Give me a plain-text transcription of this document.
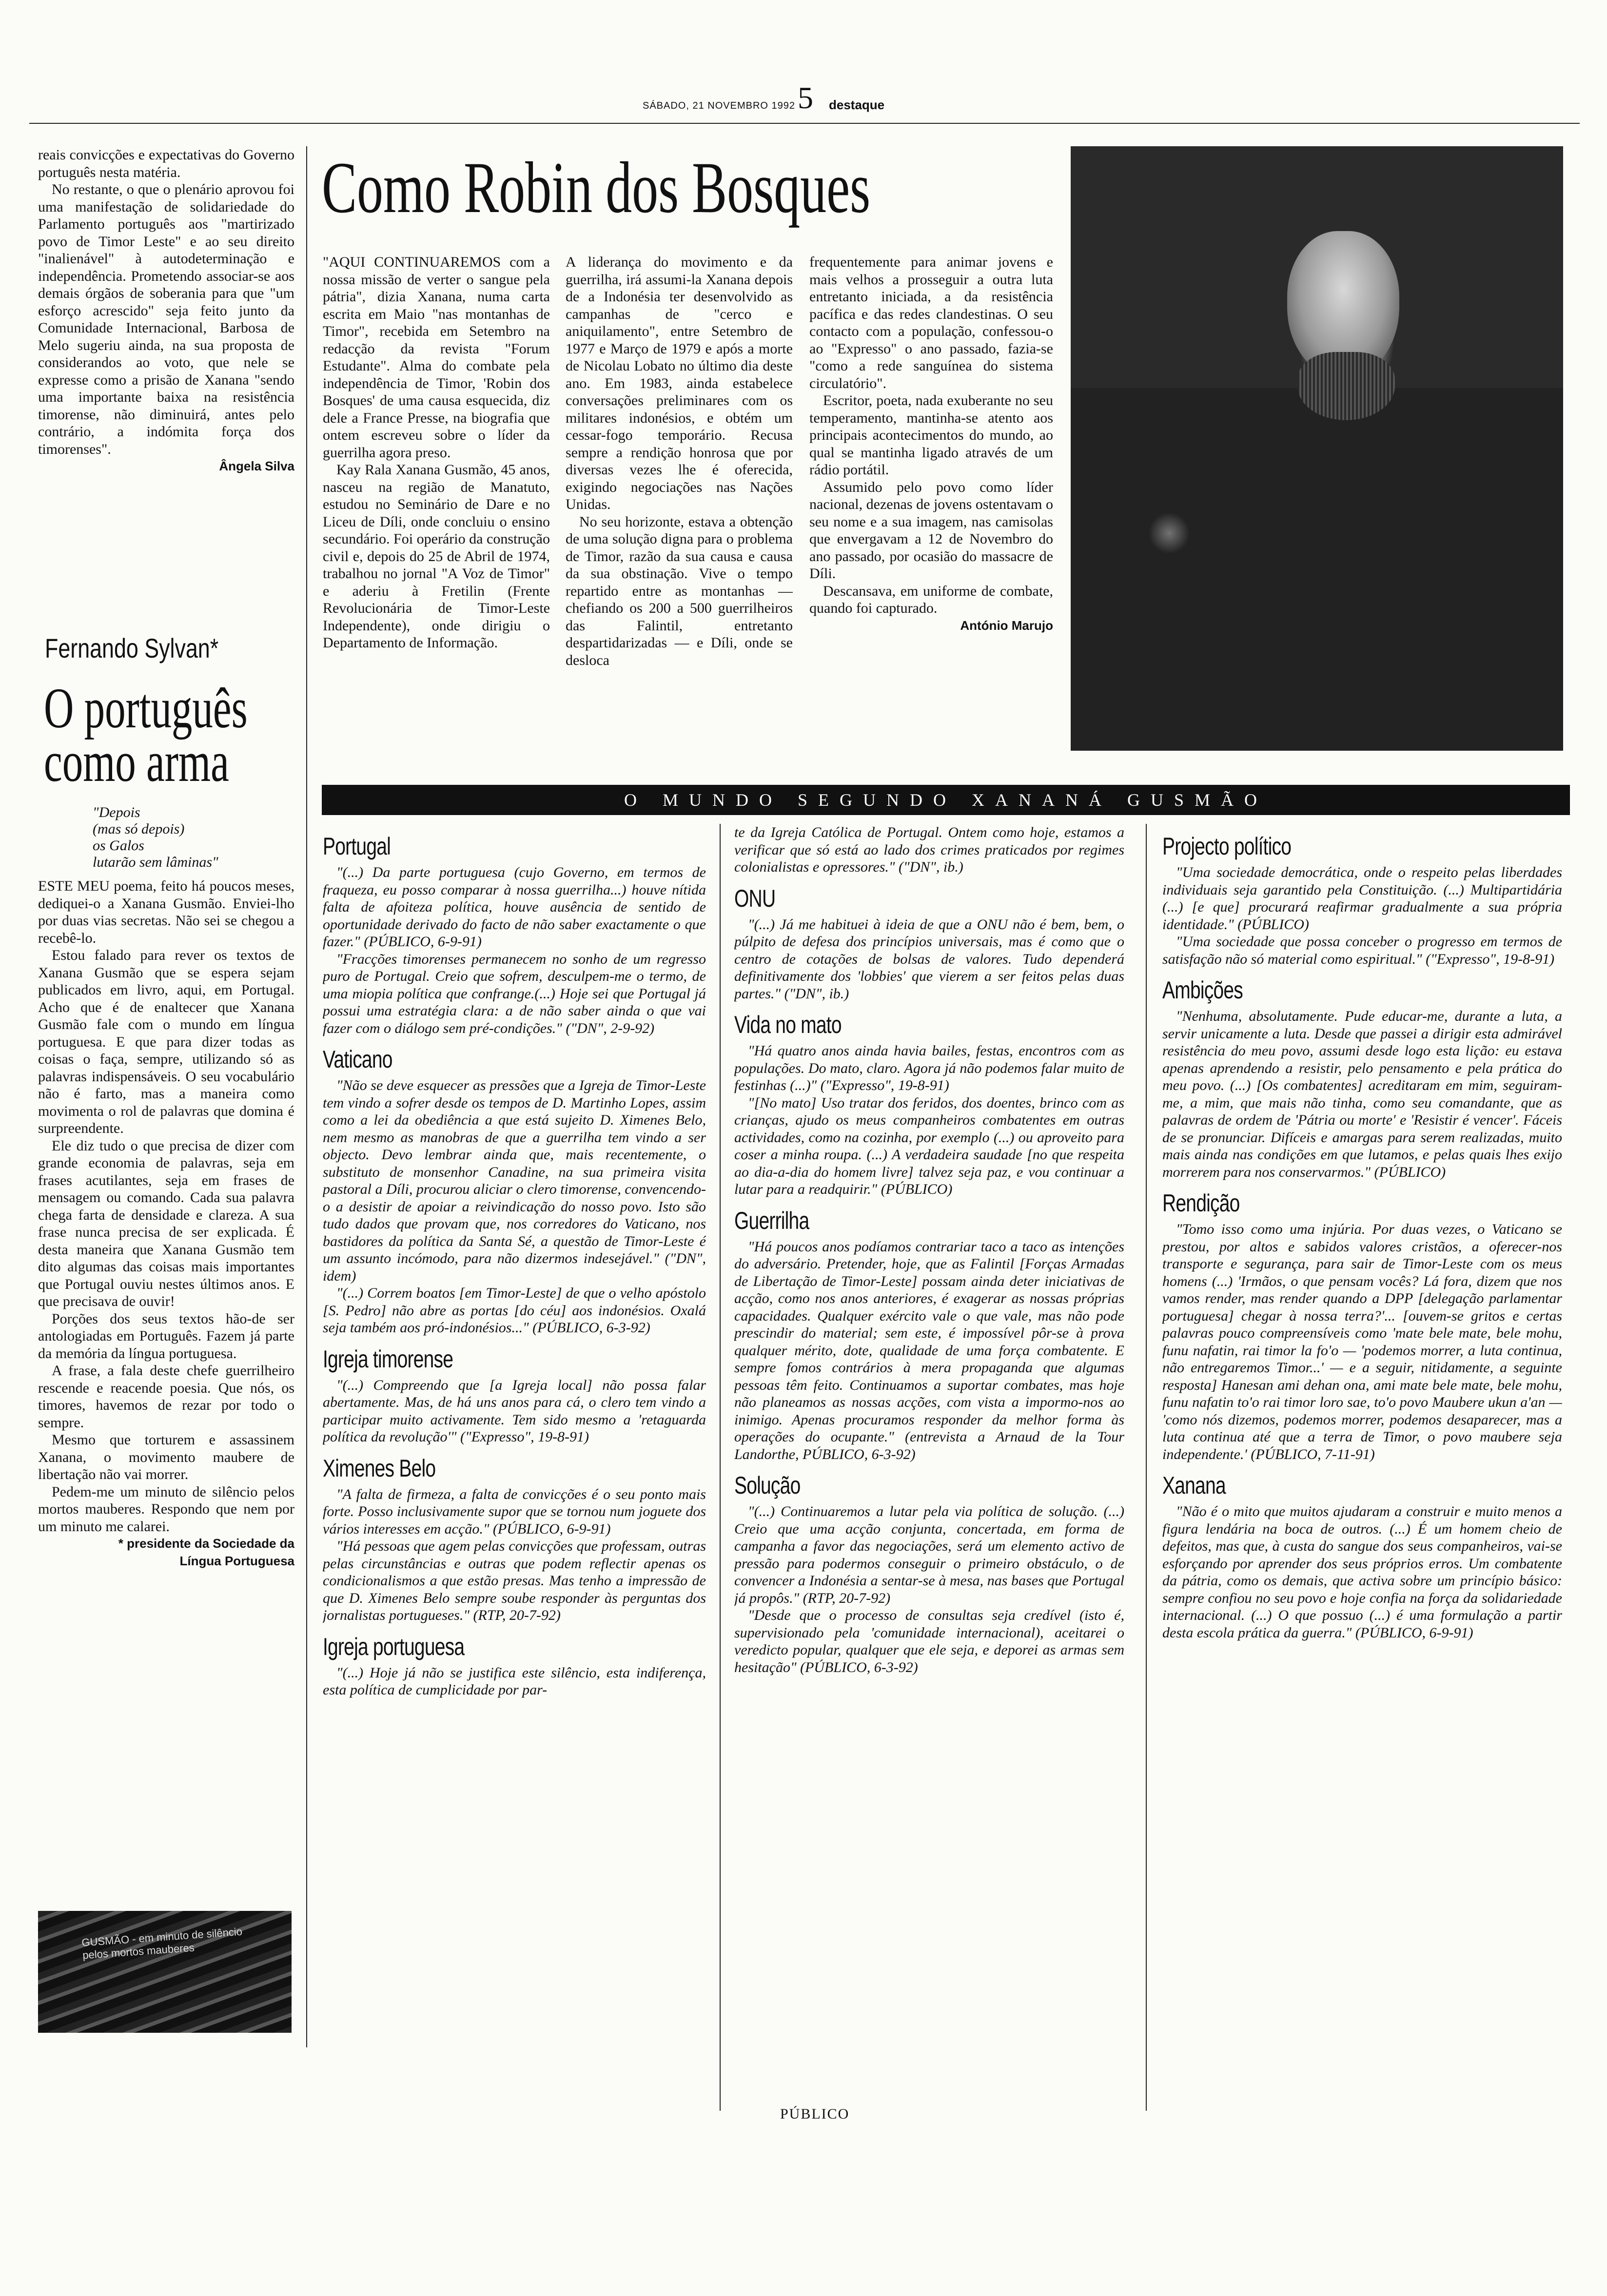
SÁBADO, 21 NOVEMBRO 1992 5 destaque

reais convicções e expectativas do Governo português nesta matéria.

No restante, o que o plenário aprovou foi uma manifestação de solidariedade do Parlamento português aos "martirizado povo de Timor Leste" e ao seu direito "inalienável" à autodeterminação e independência. Prometendo associar-se aos demais órgãos de soberania para que "um esforço acrescido" seja feito junto da Comunidade Internacional, Barbosa de Melo sugeriu ainda, na sua proposta de considerandos ao voto, que nele se expresse como a prisão de Xanana "sendo uma importante baixa na resistência timorense, não diminuirá, antes pelo contrário, a indómita força dos timorenses".

Ângela Silva
Fernando Sylvan*
O português
como arma
"Depois
(mas só depois)
os Galos
lutarão sem lâminas"

ESTE MEU poema, feito há poucos meses, dediquei-o a Xanana Gusmão. Enviei-lho por duas vias secretas. Não sei se chegou a recebê-lo.

Estou falado para rever os textos de Xanana Gusmão que se espera sejam publicados em livro, aqui, em Portugal. Acho que é de enaltecer que Xanana Gusmão fale com o mundo em língua portuguesa. E que para dizer todas as coisas o faça, sempre, utilizando só as palavras indispensáveis. O seu vocabulário não é farto, mas a maneira como movimenta o rol de palavras que domina é surpreendente.

Ele diz tudo o que precisa de dizer com grande economia de palavras, seja em frases acutilantes, seja em frases de mensagem ou comando. Cada sua palavra chega farta de densidade e clareza. A sua frase nunca precisa de ser explicada. É desta maneira que Xanana Gusmão tem dito algumas das coisas mais importantes que Portugal ouviu nestes últimos anos. E que precisava de ouvir!

Porções dos seus textos hão-de ser antologiadas em Português. Fazem já parte da memória da língua portuguesa.

A frase, a fala deste chefe guerrilheiro rescende e reacende poesia. Que nós, os timores, havemos de rezar por todo o sempre.

Mesmo que torturem e assassinem Xanana, o movimento maubere de libertação não vai morrer.

Pedem-me um minuto de silêncio pelos mortos mauberes. Respondo que nem por um minuto me calarei.

* presidente da Sociedade da
Língua Portuguesa
GUSMÃO - em minuto de silêncio pelos mortos mauberes
Como Robin dos Bosques

"AQUI CONTINUAREMOS com a nossa missão de verter o sangue pela pátria", dizia Xanana, numa carta escrita em Maio "nas montanhas de Timor", recebida em Setembro na redacção da revista "Forum Estudante". Alma do combate pela independência de Timor, 'Robin dos Bosques' de uma causa esquecida, diz dele a France Presse, na biografia que ontem escreveu sobre o líder da guerrilha agora preso.

Kay Rala Xanana Gusmão, 45 anos, nasceu na região de Manatuto, estudou no Seminário de Dare e no Liceu de Díli, onde concluiu o ensino secundário. Foi operário da construção civil e, depois do 25 de Abril de 1974, trabalhou no jornal "A Voz de Timor" e aderiu à Fretilin (Frente Revolucionária de Timor-Leste Independente), onde dirigiu o Departamento de Informação.

A liderança do movimento e da guerrilha, irá assumi-la Xanana depois de a Indonésia ter desenvolvido as campanhas de "cerco e aniquilamento", entre Setembro de 1977 e Março de 1979 e após a morte de Nicolau Lobato no último dia deste ano. Em 1983, ainda estabelece conversações preliminares com os militares indonésios, e obtém um cessar-fogo temporário. Recusa sempre a rendição honrosa que por diversas vezes lhe é oferecida, exigindo negociações nas Nações Unidas.

No seu horizonte, estava a obtenção de uma solução digna para o problema de Timor, razão da sua causa e causa da sua obstinação. Vive o tempo repartido entre as montanhas — chefiando os 200 a 500 guerrilheiros das Falintil, entretanto despartidarizadas — e Díli, onde se desloca

frequentemente para animar jovens e mais velhos a prosseguir a outra luta entretanto iniciada, a da resistência pacífica e das redes clandestinas. O seu contacto com a população, confessou-o ao "Expresso" o ano passado, fazia-se "como a rede sanguínea do sistema circulatório".

Escritor, poeta, nada exuberante no seu temperamento, mantinha-se atento aos principais acontecimentos do mundo, ao qual se mantinha ligado através de um rádio portátil.

Assumido pelo povo como líder nacional, dezenas de jovens ostentavam o seu nome e a sua imagem, nas camisolas que envergavam a 12 de Novembro do ano passado, por ocasião do massacre de Díli.

Descansava, em uniforme de combate, quando foi capturado.

António Marujo
O MUNDO SEGUNDO XANANÁ GUSMÃO
Portugal

"(...) Da parte portuguesa (cujo Governo, em termos de fraqueza, eu posso comparar à nossa guerrilha...) houve nítida falta de afoiteza política, houve ausência de sentido de oportunidade derivado do facto de não saber exactamente o que fazer." (PÚBLICO, 6-9-91)

"Fracções timorenses permanecem no sonho de um regresso puro de Portugal. Creio que sofrem, desculpem-me o termo, de uma miopia política que confrange.(...) Hoje sei que Portugal já possui uma estratégia clara: a de não saber ainda o que vai fazer com o diálogo sem pré-condições." ("DN", 2-9-92)

Vaticano

"Não se deve esquecer as pressões que a Igreja de Timor-Leste tem vindo a sofrer desde os tempos de D. Martinho Lopes, assim como a lei da obediência a que está sujeito D. Ximenes Belo, nem mesmo as manobras de que a guerrilha tem vindo a ser objecto. Devo lembrar ainda que, mais recentemente, o substituto de monsenhor Canadine, na sua primeira visita pastoral a Díli, procurou aliciar o clero timorense, convencendo-o a desistir de apoiar a reivindicação do nosso povo. Isto são tudo dados que provam que, nos corredores do Vaticano, nos bastidores da política da Santa Sé, a questão de Timor-Leste é um assunto incómodo, para não dizermos indesejável." ("DN", idem)

"(...) Correm boatos [em Timor-Leste] de que o velho apóstolo [S. Pedro] não abre as portas [do céu] aos indonésios. Oxalá seja também aos pró-indonésios..." (PÚBLICO, 6-3-92)

Igreja timorense

"(...) Compreendo que [a Igreja local] não possa falar abertamente. Mas, de há uns anos para cá, o clero tem vindo a participar muito activamente. Tem sido mesmo a 'retaguarda política da revolução'" ("Expresso", 19-8-91)

Ximenes Belo

"A falta de firmeza, a falta de convicções é o seu ponto mais forte. Posso inclusivamente supor que se tornou num joguete dos vários interesses em acção." (PÚBLICO, 6-9-91)

"Há pessoas que agem pelas convicções que professam, outras pelas circunstâncias e outras que podem reflectir apenas os condicionalismos a que estão presas. Mas tenho a impressão de que D. Ximenes Belo sempre soube responder às perguntas dos jornalistas portugueses." (RTP, 20-7-92)

Igreja portuguesa

"(...) Hoje já não se justifica este silêncio, esta indiferença, esta política de cumplicidade por par-

te da Igreja Católica de Portugal. Ontem como hoje, estamos a verificar que só está ao lado dos crimes praticados por regimes colonialistas e opressores." ("DN", ib.)

ONU

"(...) Já me habituei à ideia de que a ONU não é bem, bem, o púlpito de defesa dos princípios universais, mas é como que o centro de cotações de bolsas de valores. Tudo dependerá definitivamente dos 'lobbies' que vierem a ser feitos pelas duas partes." ("DN", ib.)

Vida no mato

"Há quatro anos ainda havia bailes, festas, encontros com as populações. Do mato, claro. Agora já não podemos falar muito de festinhas (...)" ("Expresso", 19-8-91)

"[No mato] Uso tratar dos feridos, dos doentes, brinco com as crianças, ajudo os meus companheiros combatentes em outras actividades, como na cozinha, por exemplo (...) ou aproveito para coser a minha roupa. (...) A verdadeira saudade [no que respeita ao dia-a-dia do homem livre] talvez seja paz, e vou continuar a lutar para a readquirir." (PÚBLICO)

Guerrilha

"Há poucos anos podíamos contrariar taco a taco as intenções do adversário. Pretender, hoje, que as Falintil [Forças Armadas de Libertação de Timor-Leste] possam ainda deter iniciativas de acção, como nos anos anteriores, é exagerar as nossas próprias capacidades. Qualquer exército vale o que vale, mas não pode prescindir do material; sem este, é impossível pôr-se à prova qualquer mérito, dote, qualidade de uma força combatente. E sempre fomos contrários à mera propaganda que algumas pessoas têm feito. Continuamos a suportar combates, mas hoje não planeamos as nossas acções, com vista a impormo-nos ao inimigo. Apenas procuramos responder da melhor forma às operações do ocupante." (entrevista a Arnaud de la Tour Landorthe, PÚBLICO, 6-3-92)

Solução

"(...) Continuaremos a lutar pela via política de solução. (...) Creio que uma acção conjunta, concertada, em forma de campanha a favor das negociações, será um elemento activo de pressão para podermos conseguir o primeiro obstáculo, o de convencer a Indonésia a sentar-se à mesa, nas bases que Portugal já propôs." (RTP, 20-7-92)

"Desde que o processo de consultas seja credível (isto é, supervisionado pela 'comunidade internacional), aceitarei o veredicto popular, qualquer que ele seja, e deporei as armas sem hesitação" (PÚBLICO, 6-3-92)

Projecto político

"Uma sociedade democrática, onde o respeito pelas liberdades individuais seja garantido pela Constituição. (...) Multipartidária (...) [e que] procurará reafirmar gradualmente a sua própria identidade." (PÚBLICO)

"Uma sociedade que possa conceber o progresso em termos de satisfação não só material como espiritual." ("Expresso", 19-8-91)

Ambições

"Nenhuma, absolutamente. Pude educar-me, durante a luta, a servir unicamente a luta. Desde que passei a dirigir esta admirável resistência do meu povo, assumi desde logo esta lição: eu estava apenas aprendendo a resistir, pelo pensamento e pela prática do meu povo. (...) [Os combatentes] acreditaram em mim, seguiram-me, a mim, que mais não tinha, como seu comandante, que as palavras de ordem de 'Pátria ou morte' e 'Resistir é vencer'. Fáceis de se pronunciar. Difíceis e amargas para serem realizadas, muito mais ainda nas condições em que lutamos, e pelas quais lhes exijo morrerem para nos conservarmos." (PÚBLICO)

Rendição

"Tomo isso como uma injúria. Por duas vezes, o Vaticano se prestou, por altos e sabidos valores cristãos, a oferecer-nos transporte e segurança, para sair de Timor-Leste com os meus homens (...) 'Irmãos, o que pensam vocês? Lá fora, dizem que nos vamos render, mas render quando a DPP [delegação parlamentar portuguesa] chegar à nossa terra?'... [ouvem-se gritos e certas palavras pouco compreensíveis como 'mate bele mate, bele mohu, funu nafatin, rai timor la fo'o — 'podemos morrer, a luta continua, não entregaremos Timor...' — e a seguir, nitidamente, a seguinte resposta] Hanesan ami dehan ona, ami mate bele mate, bele mohu, funu nafatin to'o rai timor loro sae, to'o povo Maubere ukun a'an — 'como nós dizemos, podemos morrer, podemos desaparecer, mas a luta continua até que a terra de Timor, o povo maubere seja independente.' (PÚBLICO, 7-11-91)

Xanana

"Não é o mito que muitos ajudaram a construir e muito menos a figura lendária na boca de outros. (...) É um homem cheio de defeitos, mas que, à custa do sangue dos seus companheiros, vai-se esforçando por aprender dos seus próprios erros. Um combatente da pátria, como os demais, que activa sobre um princípio básico: sempre confiou no seu povo e hoje confia na força da solidariedade internacional. (...) O que possuo (...) é uma formulação a partir desta escola prática da guerra." (PÚBLICO, 6-9-91)

PÚBLICO
